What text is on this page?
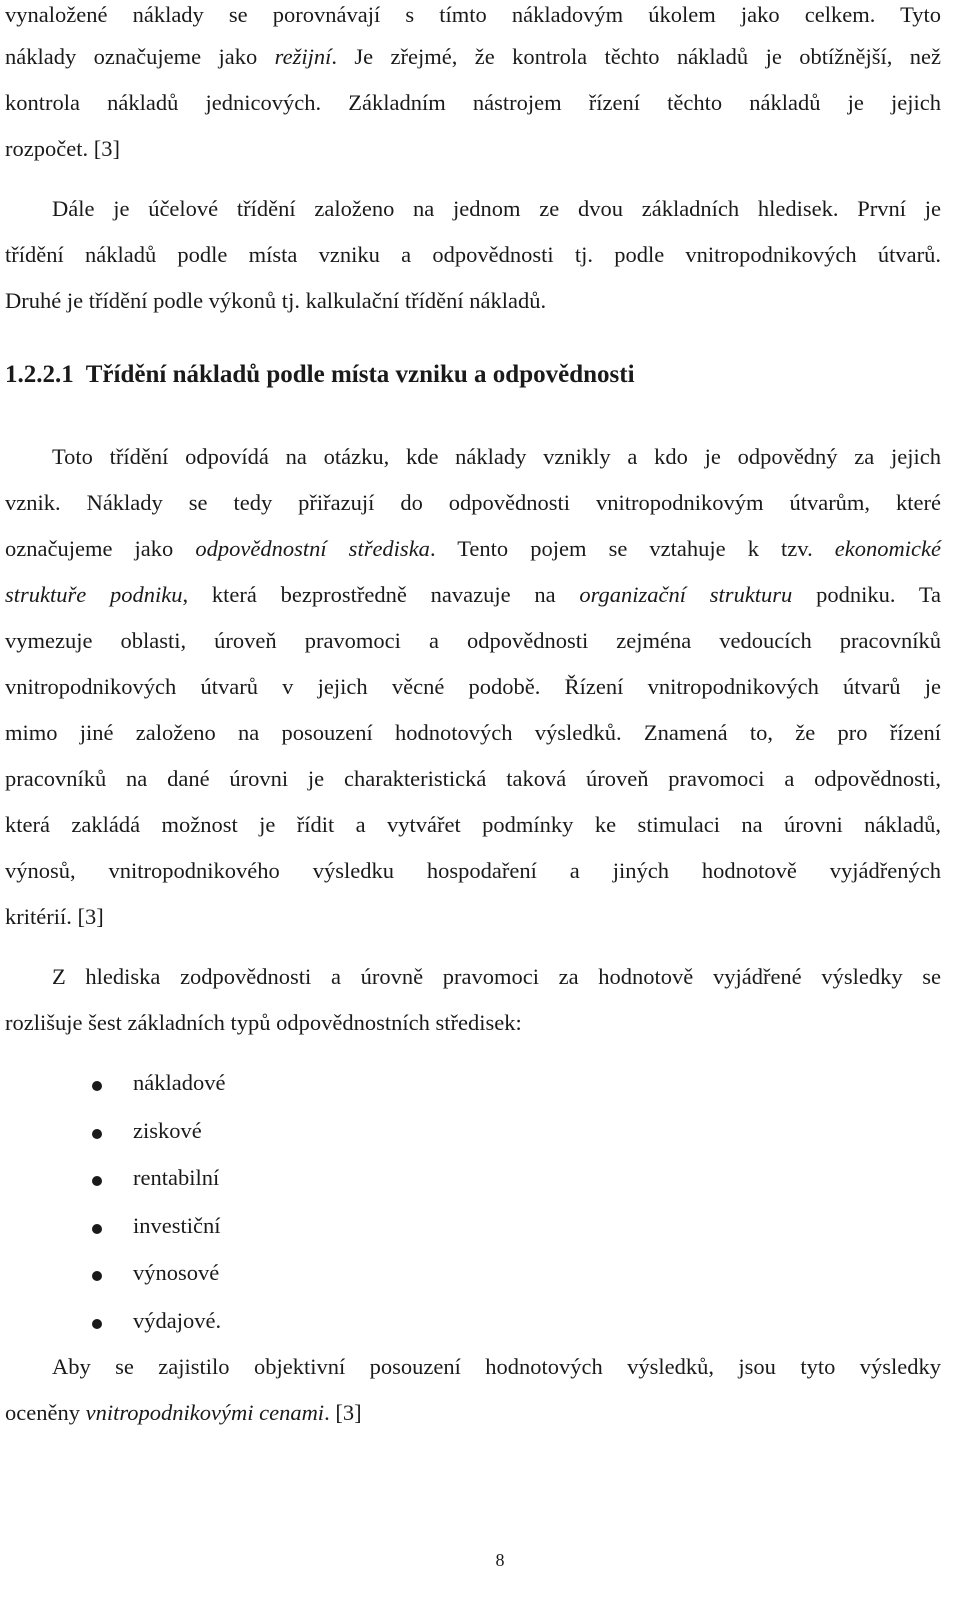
vynaložené náklady se porovnávají s tímto nákladovým úkolem jako celkem. Tyto
náklady označujeme jako režijní. Je zřejmé, že kontrola těchto nákladů je obtížnější, než
kontrola nákladů jednicových. Základním nástrojem řízení těchto nákladů je jejich
rozpočet. [3]
Dále je účelové třídění založeno na jednom ze dvou základních hledisek. První je
třídění nákladů podle místa vzniku a odpovědnosti tj. podle vnitropodnikových útvarů.
Druhé je třídění podle výkonů tj. kalkulační třídění nákladů.
1.2.2.1 Třídění nákladů podle místa vzniku a odpovědnosti
Toto třídění odpovídá na otázku, kde náklady vznikly a kdo je odpovědný za jejich
vznik. Náklady se tedy přiřazují do odpovědnosti vnitropodnikovým útvarům, které
označujeme jako odpovědnostní střediska. Tento pojem se vztahuje k tzv. ekonomické
struktuře podniku, která bezprostředně navazuje na organizační strukturu podniku. Ta
vymezuje oblasti, úroveň pravomoci a odpovědnosti zejména vedoucích pracovníků
vnitropodnikových útvarů v jejich věcné podobě. Řízení vnitropodnikových útvarů je
mimo jiné založeno na posouzení hodnotových výsledků. Znamená to, že pro řízení
pracovníků na dané úrovni je charakteristická taková úroveň pravomoci a odpovědnosti,
která zakládá možnost je řídit a vytvářet podmínky ke stimulaci na úrovni nákladů,
výnosů, vnitropodnikového výsledku hospodaření a jiných hodnotově vyjádřených
kritérií. [3]
Z hlediska zodpovědnosti a úrovně pravomoci za hodnotově vyjádřené výsledky se
rozlišuje šest základních typů odpovědnostních středisek:
nákladové
ziskové
rentabilní
investiční
výnosové
výdajové.
Aby se zajistilo objektivní posouzení hodnotových výsledků, jsou tyto výsledky
oceněny vnitropodnikovými cenami. [3]
8
